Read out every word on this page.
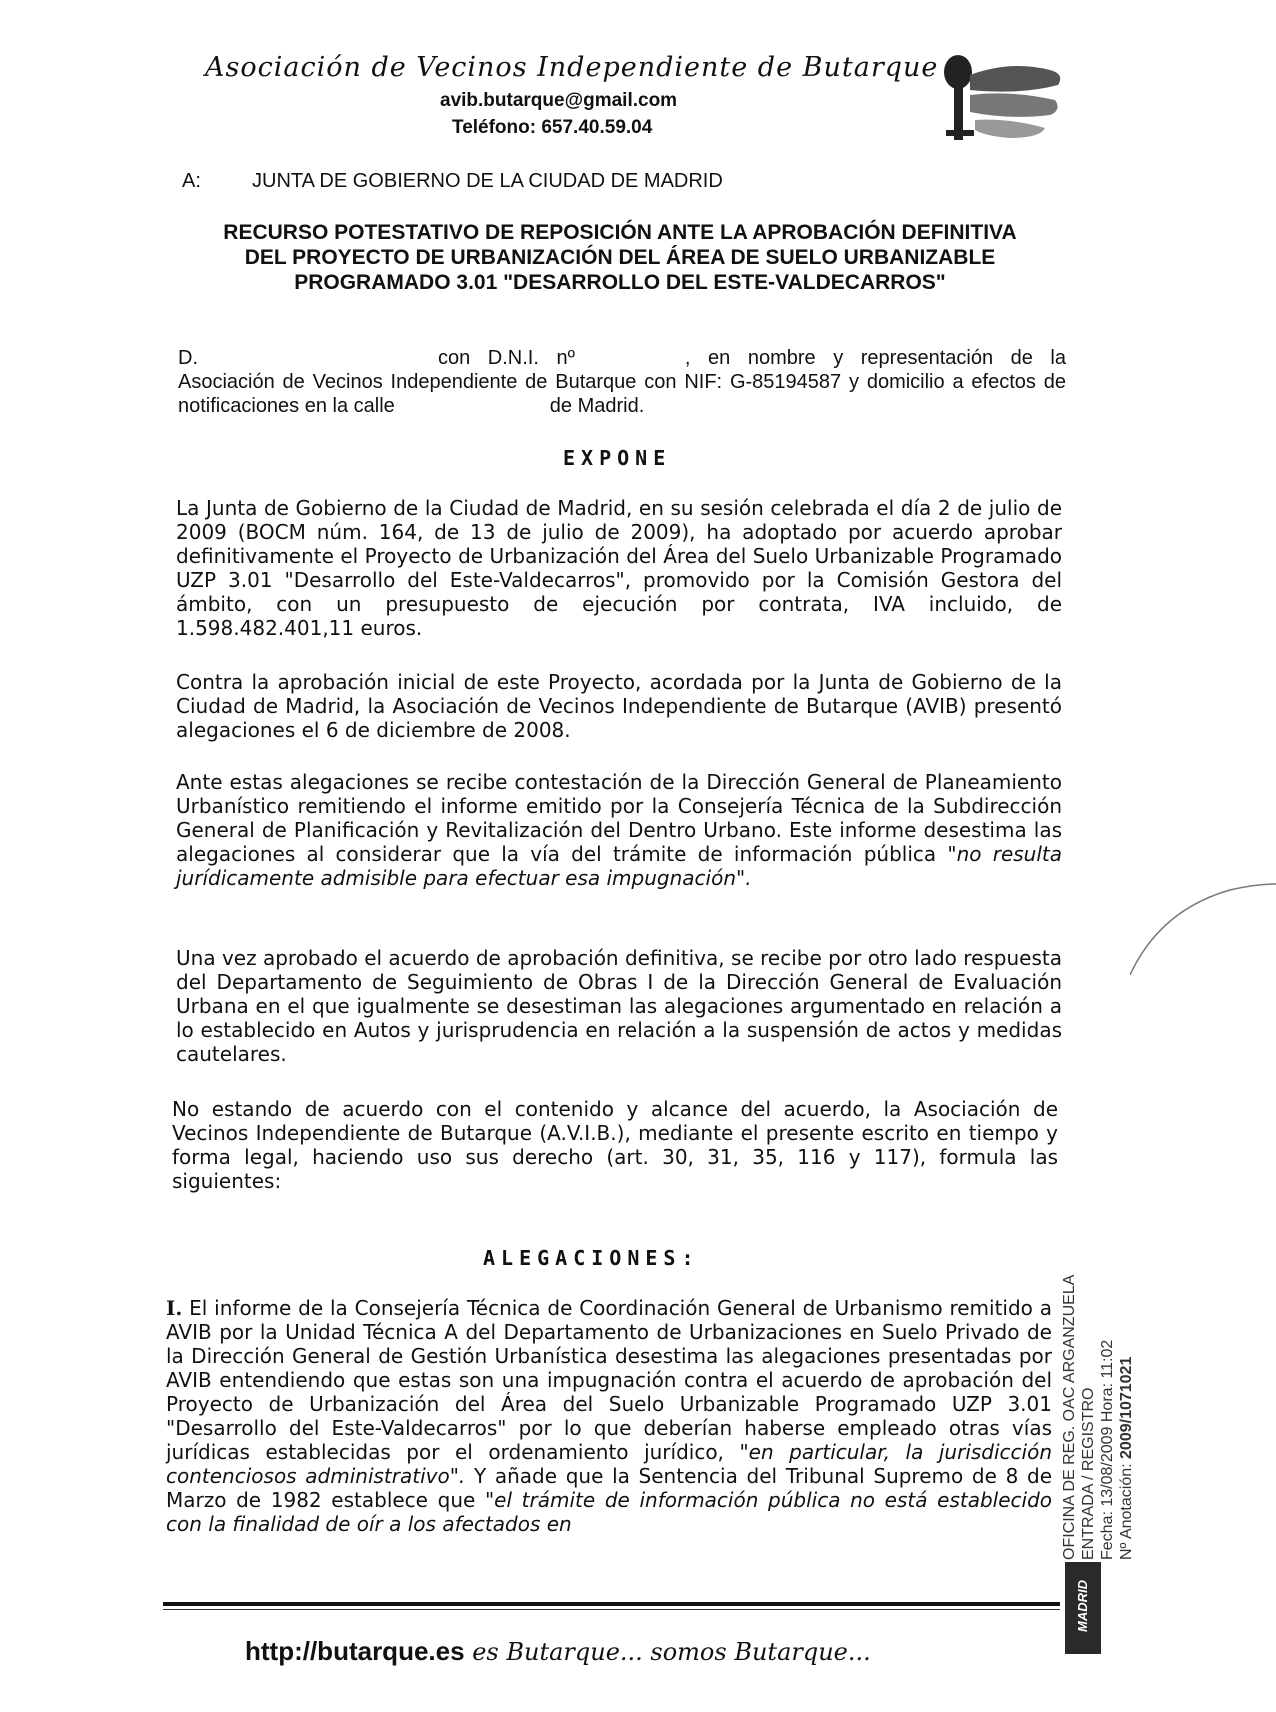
Asociación de Vecinos Independiente de Butarque
avib.butarque@gmail.com
Teléfono: 657.40.59.04
A:	JUNTA DE GOBIERNO DE LA CIUDAD DE MADRID
RECURSO POTESTATIVO DE REPOSICIÓN ANTE LA APROBACIÓN DEFINITIVA DEL PROYECTO DE URBANIZACIÓN DEL ÁREA DE SUELO URBANIZABLE PROGRAMADO 3.01 "DESARROLLO DEL ESTE-VALDECARROS"
D.	con D.N.I. nº	, en nombre y representación de la Asociación de Vecinos Independiente de Butarque con NIF: G-85194587 y domicilio a efectos de notificaciones en la calle	de Madrid.
EXPONE
La Junta de Gobierno de la Ciudad de Madrid, en su sesión celebrada el día 2 de julio de 2009 (BOCM núm. 164, de 13 de julio de 2009), ha adoptado por acuerdo aprobar definitivamente el Proyecto de Urbanización del Área del Suelo Urbanizable Programado UZP 3.01 "Desarrollo del Este-Valdecarros", promovido por la Comisión Gestora del ámbito, con un presupuesto de ejecución por contrata, IVA incluido, de 1.598.482.401,11 euros.
Contra la aprobación inicial de este Proyecto, acordada por la Junta de Gobierno de la Ciudad de Madrid, la Asociación de Vecinos Independiente de Butarque (AVIB) presentó alegaciones el 6 de diciembre de 2008.
Ante estas alegaciones se recibe contestación de la Dirección General de Planeamiento Urbanístico remitiendo el informe emitido por la Consejería Técnica de la Subdirección General de Planificación y Revitalización del Dentro Urbano. Este informe desestima las alegaciones al considerar que la vía del trámite de información pública "no resulta jurídicamente admisible para efectuar esa impugnación".
Una vez aprobado el acuerdo de aprobación definitiva, se recibe por otro lado respuesta del Departamento de Seguimiento de Obras I de la Dirección General de Evaluación Urbana en el que igualmente se desestiman las alegaciones argumentado en relación a lo establecido en Autos y jurisprudencia en relación a la suspensión de actos y medidas cautelares.
No estando de acuerdo con el contenido y alcance del acuerdo, la Asociación de Vecinos Independiente de Butarque (A.V.I.B.), mediante el presente escrito en tiempo y forma legal, haciendo uso sus derecho (art. 30, 31, 35, 116 y 117), formula las siguientes:
ALEGACIONES:
I. El informe de la Consejería Técnica de Coordinación General de Urbanismo remitido a AVIB por la Unidad Técnica A del Departamento de Urbanizaciones en Suelo Privado de la Dirección General de Gestión Urbanística desestima las alegaciones presentadas por AVIB entendiendo que estas son una impugnación contra el acuerdo de aprobación del Proyecto de Urbanización del Área del Suelo Urbanizable Programado UZP 3.01 "Desarrollo del Este-Valdecarros" por lo que deberían haberse empleado otras vías jurídicas establecidas por el ordenamiento jurídico, "en particular, la jurisdicción contenciosos administrativo". Y añade que la Sentencia del Tribunal Supremo de 8 de Marzo de 1982 establece que "el trámite de información pública no está establecido con la finalidad de oír a los afectados en	OFICINA DE REG. OAC ARGANZUELA ENTRADA / REGISTRO Fecha: 13/08/2009 Hora: 11:02 Nº Anotación: 2009/1071021
MADRID
http://butarque.es es Butarque... somos Butarque...
